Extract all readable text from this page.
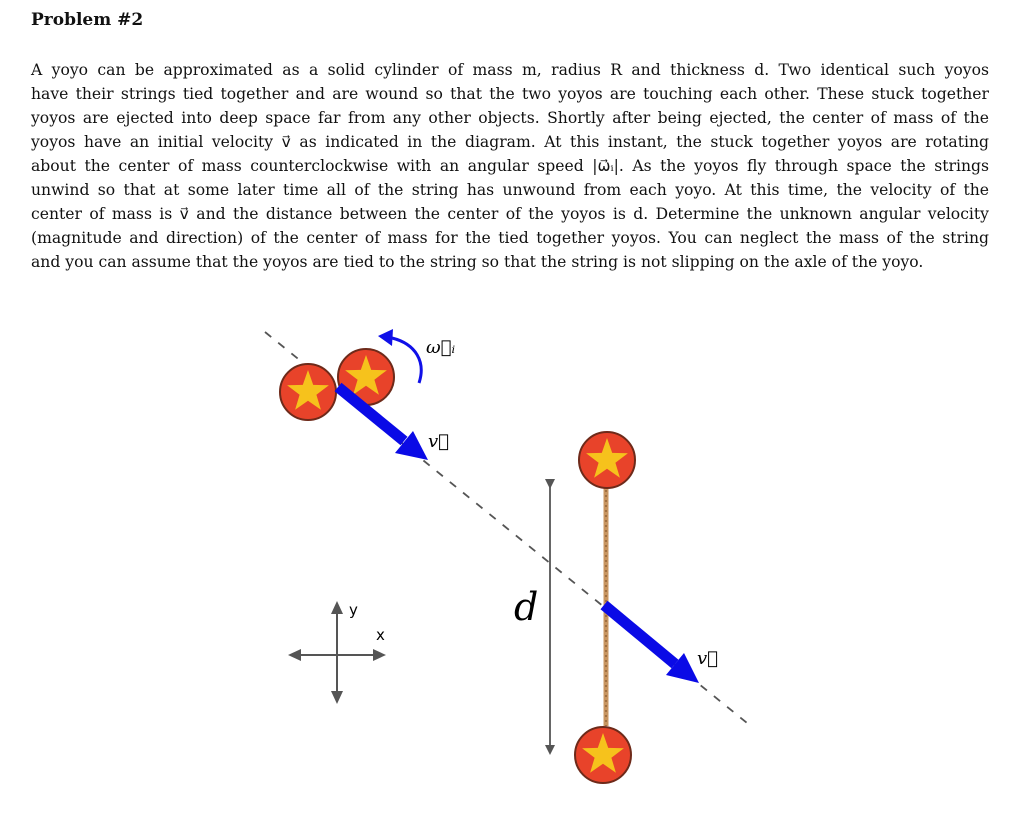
Problem #2
A yoyo can be approximated as a solid cylinder of mass m, radius R and thickness d. Two identical such yoyos
have their strings tied together and are wound so that the two yoyos are touching each other. These stuck together
yoyos are ejected into deep space far from any other objects. Shortly after being ejected, the center of mass of the
yoyos have an initial velocity v⃗ as indicated in the diagram. At this instant, the stuck together yoyos are rotating
about the center of mass counterclockwise with an angular speed |ω⃗ᵢ|. As the yoyos fly through space the strings
unwind so that at some later time all of the string has unwound from each yoyo. At this time, the velocity of the
center of mass is v⃗ and the distance between the center of the yoyos is d. Determine the unknown angular velocity
(magnitude and direction) of the center of mass for the tied together yoyos. You can neglect the mass of the string
and you can assume that the yoyos are tied to the string so that the string is not slipping on the axle of the yoyo.
v⃗
ω⃗ᵢ
d
v⃗
y
x
